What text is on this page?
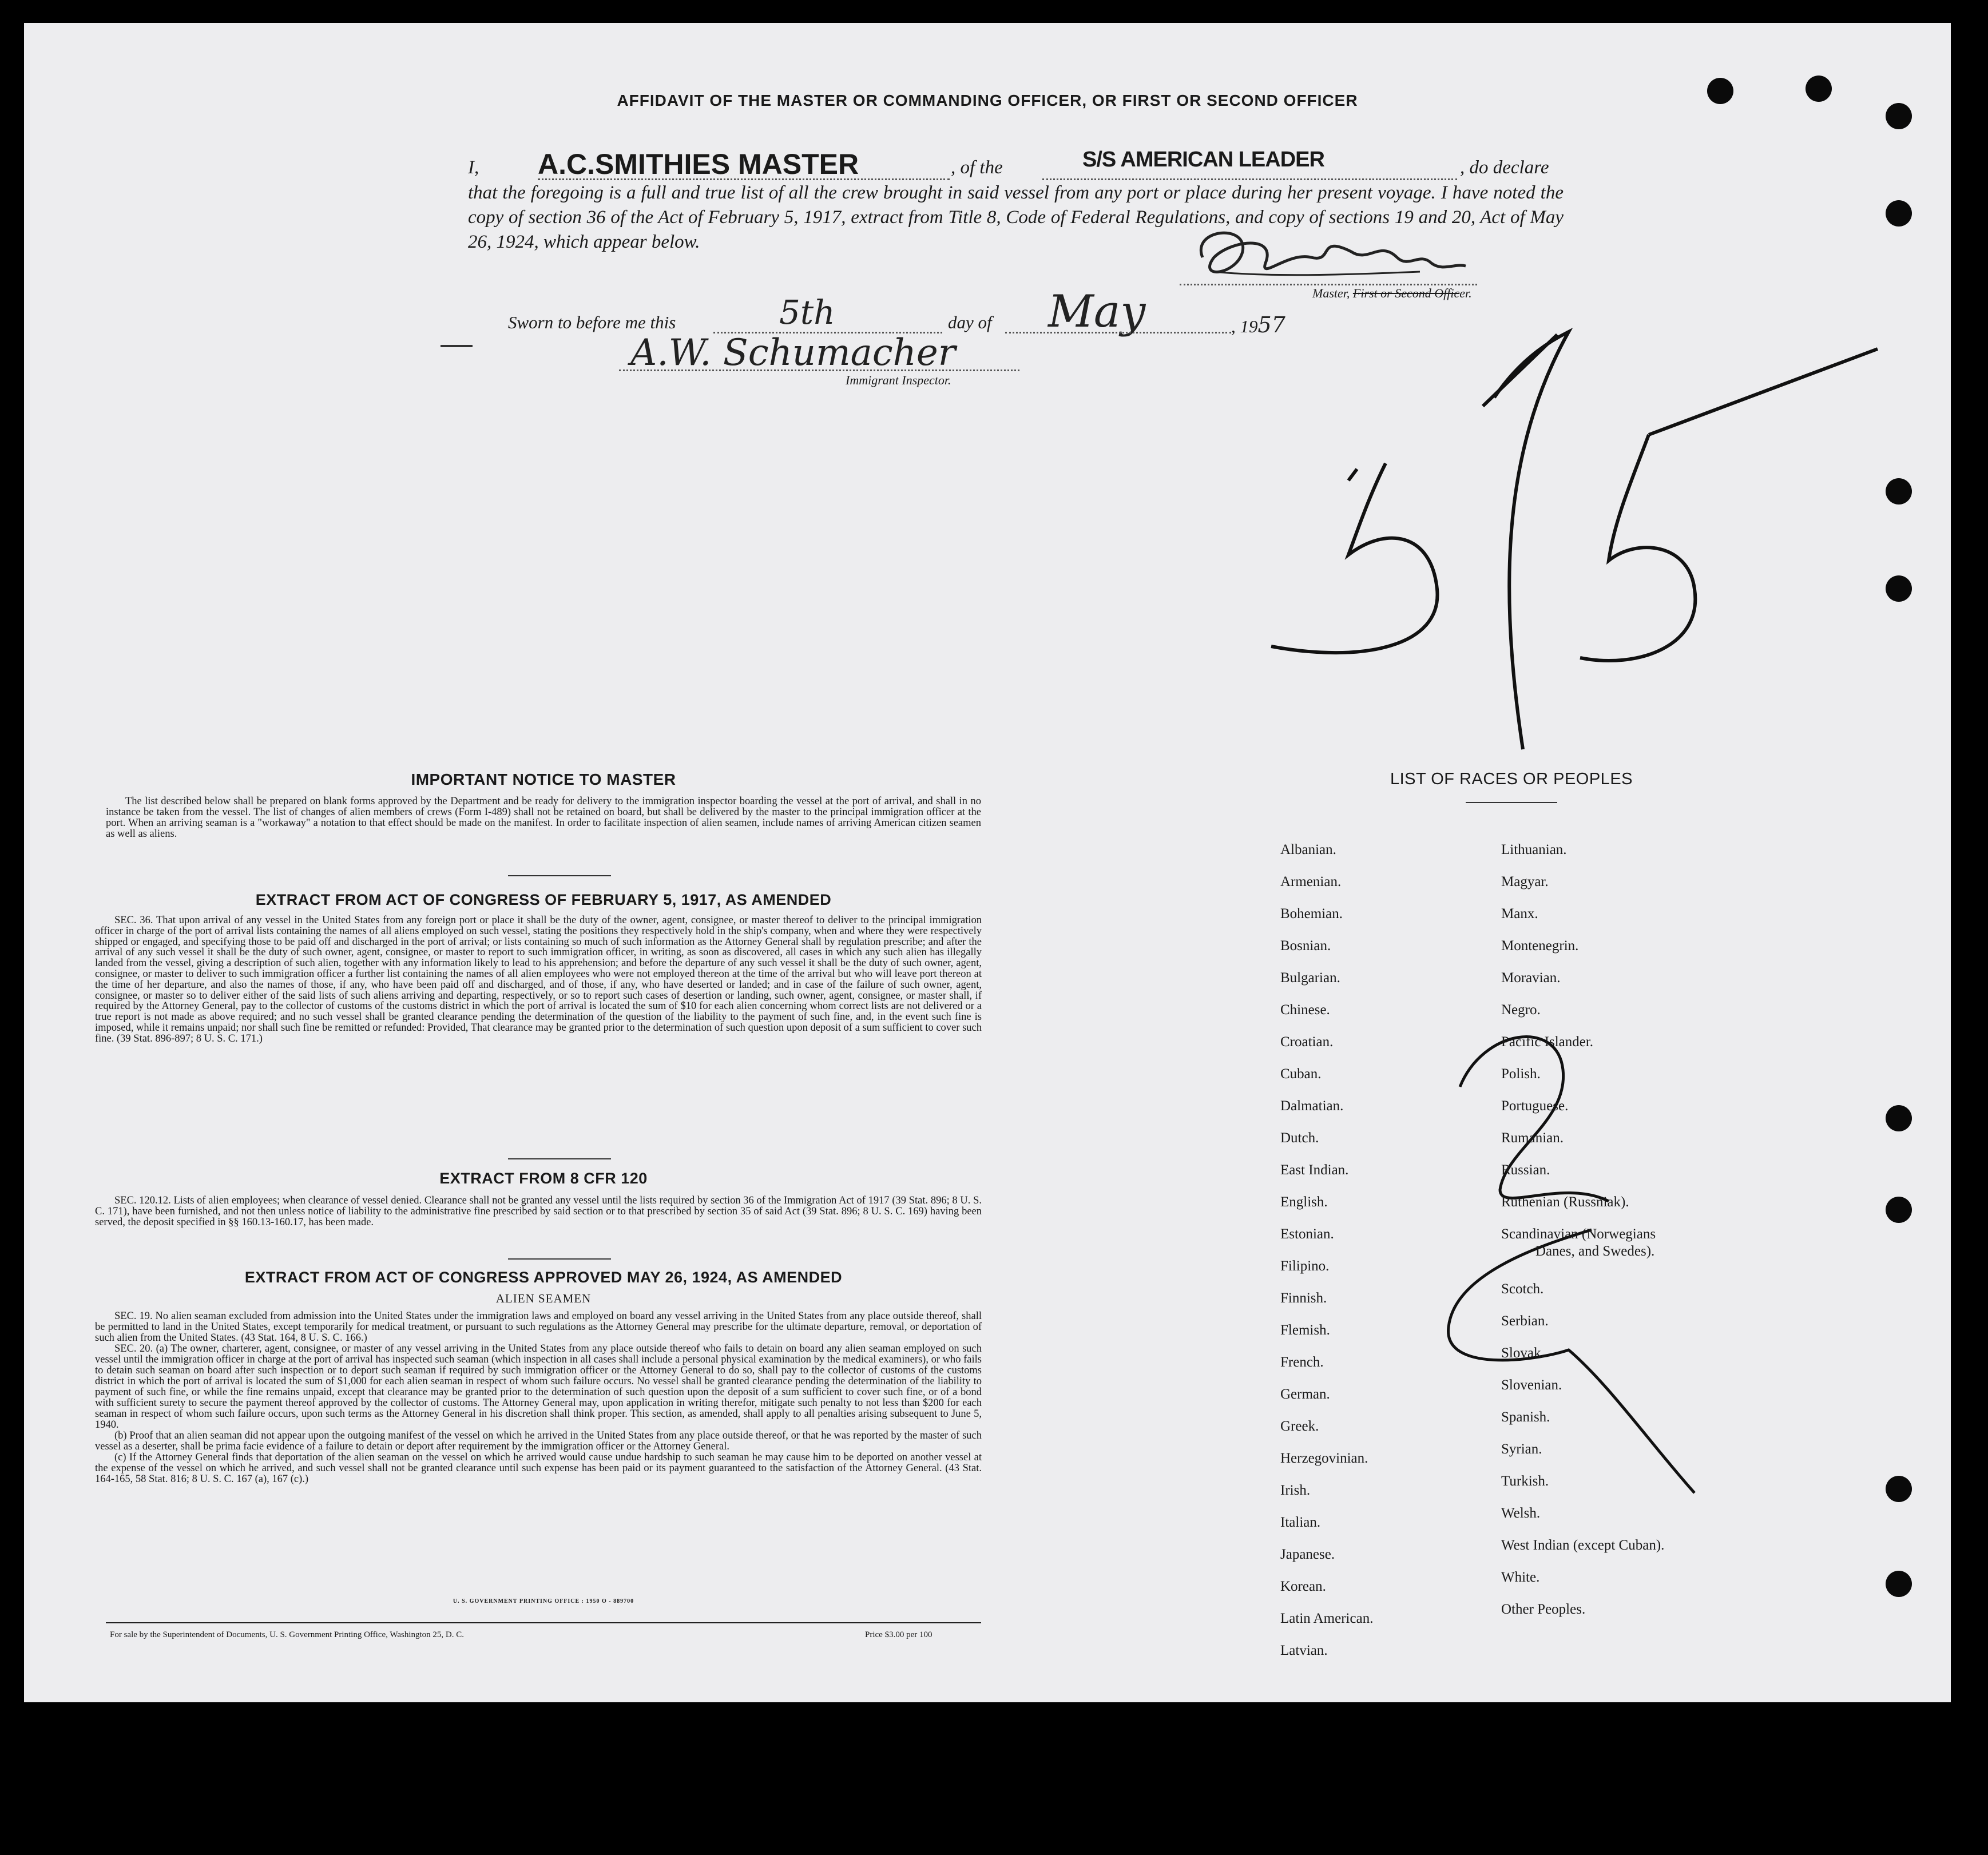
AFFIDAVIT OF THE MASTER OR COMMANDING OFFICER, OR FIRST OR SECOND OFFICER
I, A.C.SMITHIES MASTER	, of the	S/S AMERICAN LEADER	, do declare
that the foregoing is a full and true list of all the crew brought in said vessel from any port or place during her present voyage. I have noted the copy of section 36 of the Act of February 5, 1917, extract from Title 8, Code of Federal Regulations, and copy of sections 19 and 20, Act of May 26, 1924, which appear below.
Master, First or Second Officer.
Sworn to before me this	5th	day of May	, 1957
A.W. Schumacher
Immigrant Inspector.
IMPORTANT NOTICE TO MASTER
The list described below shall be prepared on blank forms approved by the Department and be ready for delivery to the immigration inspector boarding the vessel at the port of arrival, and shall in no instance be taken from the vessel. The list of changes of alien members of crews (Form I-489) shall not be retained on board, but shall be delivered by the master to the principal immigration officer at the port. When an arriving seaman is a "workaway" a notation to that effect should be made on the manifest. In order to facilitate inspection of alien seamen, include names of arriving American citizen seamen as well as aliens.
EXTRACT FROM ACT OF CONGRESS OF FEBRUARY 5, 1917, AS AMENDED
SEC. 36. That upon arrival of any vessel in the United States from any foreign port or place it shall be the duty of the owner, agent, consignee, or master thereof to deliver to the principal immigration officer in charge of the port of arrival lists containing the names of all aliens employed on such vessel, stating the positions they respectively hold in the ship's company, when and where they were respectively shipped or engaged, and specifying those to be paid off and discharged in the port of arrival; or lists containing so much of such information as the Attorney General shall by regulation prescribe; and after the arrival of any such vessel it shall be the duty of such owner, agent, consignee, or master to report to such immigration officer, in writing, as soon as discovered, all cases in which any such alien has illegally landed from the vessel, giving a description of such alien, together with any information likely to lead to his apprehension; and before the departure of any such vessel it shall be the duty of such owner, agent, consignee, or master to deliver to such immigration officer a further list containing the names of all alien employees who were not employed thereon at the time of the arrival but who will leave port thereon at the time of her departure, and also the names of those, if any, who have been paid off and discharged, and of those, if any, who have deserted or landed; and in case of the failure of such owner, agent, consignee, or master so to deliver either of the said lists of such aliens arriving and departing, respectively, or so to report such cases of desertion or landing, such owner, agent, consignee, or master shall, if required by the Attorney General, pay to the collector of customs of the customs district in which the port of arrival is located the sum of $10 for each alien concerning whom correct lists are not delivered or a true report is not made as above required; and no such vessel shall be granted clearance pending the determination of the question of the liability to the payment of such fine, and, in the event such fine is imposed, while it remains unpaid; nor shall such fine be remitted or refunded: Provided, That clearance may be granted prior to the determination of such question upon deposit of a sum sufficient to cover such fine. (39 Stat. 896-897; 8 U. S. C. 171.)
EXTRACT FROM 8 CFR 120
SEC. 120.12. Lists of alien employees; when clearance of vessel denied. Clearance shall not be granted any vessel until the lists required by section 36 of the Immigration Act of 1917 (39 Stat. 896; 8 U. S. C. 171), have been furnished, and not then unless notice of liability to the administrative fine prescribed by said section or to that prescribed by section 35 of said Act (39 Stat. 896; 8 U. S. C. 169) having been served, the deposit specified in §§ 160.13-160.17, has been made.
EXTRACT FROM ACT OF CONGRESS APPROVED MAY 26, 1924, AS AMENDED
ALIEN SEAMEN

SEC. 19. No alien seaman excluded from admission into the United States under the immigration laws and employed on board any vessel arriving in the United States from any place outside thereof, shall be permitted to land in the United States, except temporarily for medical treatment, or pursuant to such regulations as the Attorney General may prescribe for the ultimate departure, removal, or deportation of such alien from the United States. (43 Stat. 164, 8 U. S. C. 166.)

SEC. 20. (a) The owner, charterer, agent, consignee, or master of any vessel arriving in the United States from any place outside thereof who fails to detain on board any alien seaman employed on such vessel until the immigration officer in charge at the port of arrival has inspected such seaman (which inspection in all cases shall include a personal physical examination by the medical examiners), or who fails to detain such seaman on board after such inspection or to deport such seaman if required by such immigration officer or the Attorney General to do so, shall pay to the collector of customs of the customs district in which the port of arrival is located the sum of $1,000 for each alien seaman in respect of whom such failure occurs. No vessel shall be granted clearance pending the determination of the liability to payment of such fine, or while the fine remains unpaid, except that clearance may be granted prior to the determination of such question upon the deposit of a sum sufficient to cover such fine, or of a bond with sufficient surety to secure the payment thereof approved by the collector of customs. The Attorney General may, upon application in writing therefor, mitigate such penalty to not less than $200 for each seaman in respect of whom such failure occurs, upon such terms as the Attorney General in his discretion shall think proper. This section, as amended, shall apply to all penalties arising subsequent to June 5, 1940.

(b) Proof that an alien seaman did not appear upon the outgoing manifest of the vessel on which he arrived in the United States from any place outside thereof, or that he was reported by the master of such vessel as a deserter, shall be prima facie evidence of a failure to detain or deport after requirement by the immigration officer or the Attorney General.

(c) If the Attorney General finds that deportation of the alien seaman on the vessel on which he arrived would cause undue hardship to such seaman he may cause him to be deported on another vessel at the expense of the vessel on which he arrived, and such vessel shall not be granted clearance until such expense has been paid or its payment guaranteed to the satisfaction of the Attorney General. (43 Stat. 164-165, 58 Stat. 816; 8 U. S. C. 167 (a), 167 (c).)

U. S. GOVERNMENT PRINTING OFFICE : 1950 O - 889700
For sale by the Superintendent of Documents, U. S. Government Printing Office, Washington 25, D. C.	Price $3.00 per 100
LIST OF RACES OR PEOPLES
Albanian.
Armenian.
Bohemian.
Bosnian.
Bulgarian.
Chinese.
Croatian.
Cuban.
Dalmatian.
Dutch.
East Indian.
English.
Estonian.
Filipino.
Finnish.
Flemish.
French.
German.
Greek.
Herzegovinian.
Irish.
Italian.
Japanese.
Korean.
Latin American.
Latvian.
Lithuanian.
Magyar.
Manx.
Montenegrin.
Moravian.
Negro.
Pacific Islander.
Polish.
Portuguese.
Rumanian.
Russian.
Ruthenian (Russniak).
Scandinavian (Norwegians
Danes, and Swedes).
Scotch.
Serbian.
Slovak.
Slovenian.
Spanish.
Syrian.
Turkish.
Welsh.
West Indian (except Cuban).
White.
Other Peoples.
